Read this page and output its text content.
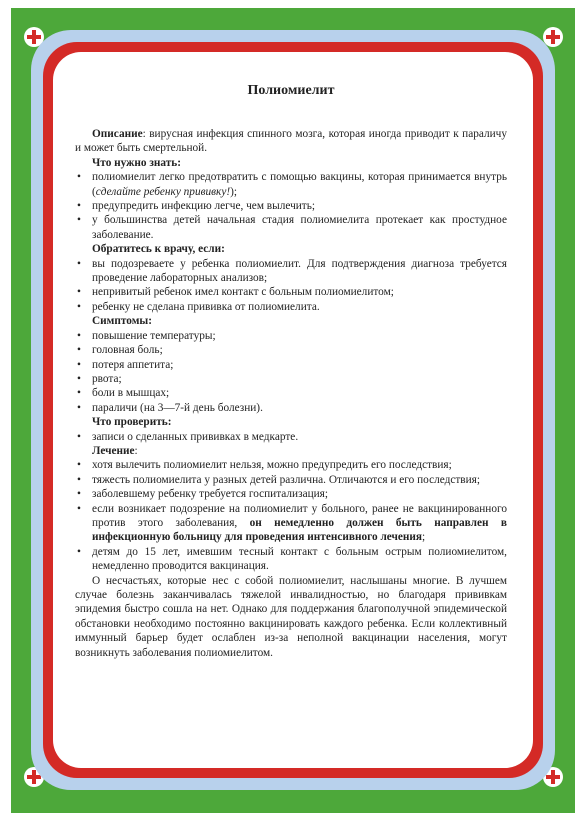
Полиомиелит

Описание: вирусная инфекция спинного мозга, которая иногда приводит к параличу и может быть смертельной.

Что нужно знать:
• полиомиелит легко предотвратить с помощью вакцины, которая принимается внутрь (сделайте ребенку прививку!);
• предупредить инфекцию легче, чем вылечить;
• у большинства детей начальная стадия полиомиелита протекает как простудное заболевание.
Обратитесь к врачу, если:
• вы подозреваете у ребенка полиомиелит. Для подтверждения диагноза требуется проведение лабораторных анализов;
• непривитый ребенок имел контакт с больным полиомиелитом;
• ребенку не сделана прививка от полиомиелита.
Симптомы:
• повышение температуры;
• головная боль;
• потеря аппетита;
• рвота;
• боли в мышцах;
• параличи (на 3—7-й день болезни).
Что проверить:
• записи о сделанных прививках в медкарте.
Лечение:
• хотя вылечить полиомиелит нельзя, можно предупредить его последствия;
• тяжесть полиомиелита у разных детей различна. Отличаются и его последствия;
• заболевшему ребенку требуется госпитализация;
• если возникает подозрение на полиомиелит у больного, ранее не вакцинированного против этого заболевания, он немедленно должен быть направлен в инфекционную больницу для проведения интенсивного лечения;
• детям до 15 лет, имевшим тесный контакт с больным острым полиомиелитом, немедленно проводится вакцинация.

О несчастьях, которые нес с собой полиомиелит, наслышаны многие. В лучшем случае болезнь заканчивалась тяжелой инвалидностью, но благодаря прививкам эпидемия быстро сошла на нет. Однако для поддержания благополучной эпидемической обстановки необходимо постоянно вакцинировать каждого ребенка. Если коллективный иммунный барьер будет ослаблен из-за неполной вакцинации населения, могут возникнуть заболевания полиомиелитом.
